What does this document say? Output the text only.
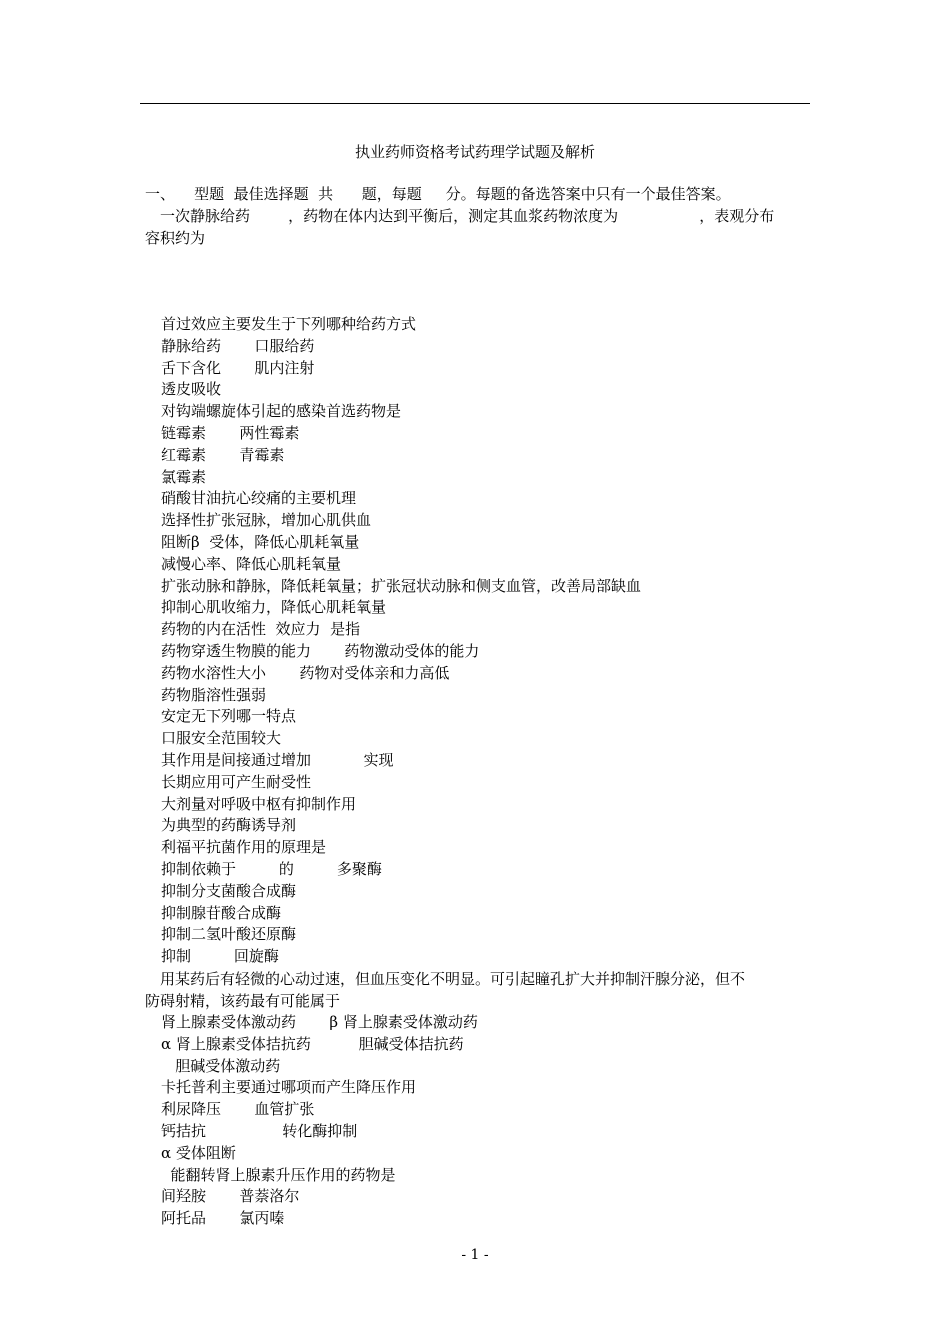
执业药师资格考试药理学试题及解析
一、    型题  最佳选择题  共      题，每题     分。每题的备选答案中只有一个最佳答案。
一次静脉给药        ，药物在体内达到平衡后，测定其血浆药物浓度为                 ，表观分布
容积约为
首过效应主要发生于下列哪种给药方式
静脉给药       口服给药
舌下含化       肌内注射
透皮吸收
对钩端螺旋体引起的感染首选药物是
链霉素       两性霉素
红霉素       青霉素
氯霉素
硝酸甘油抗心绞痛的主要机理
选择性扩张冠脉，增加心肌供血
阻断β  受体，降低心肌耗氧量
减慢心率、降低心肌耗氧量
扩张动脉和静脉，降低耗氧量；扩张冠状动脉和侧支血管，改善局部缺血
抑制心肌收缩力，降低心肌耗氧量
药物的内在活性  效应力  是指
药物穿透生物膜的能力       药物激动受体的能力
药物水溶性大小       药物对受体亲和力高低
药物脂溶性强弱
安定无下列哪一特点
口服安全范围较大
其作用是间接通过增加           实现
长期应用可产生耐受性
大剂量对呼吸中枢有抑制作用
为典型的药酶诱导剂
利福平抗菌作用的原理是
抑制依赖于         的         多聚酶
抑制分支菌酸合成酶
抑制腺苷酸合成酶
抑制二氢叶酸还原酶
抑制         回旋酶
用某药后有轻微的心动过速，但血压变化不明显。可引起瞳孔扩大并抑制汗腺分泌，但不
防碍射精，该药最有可能属于
肾上腺素受体激动药       β 肾上腺素受体激动药
α 肾上腺素受体拮抗药          胆碱受体拮抗药
胆碱受体激动药
卡托普利主要通过哪项而产生降压作用
利尿降压       血管扩张
钙拮抗                转化酶抑制
α 受体阻断
能翻转肾上腺素升压作用的药物是
间羟胺       普萘洛尔
阿托品       氯丙嗪
- 1 -
